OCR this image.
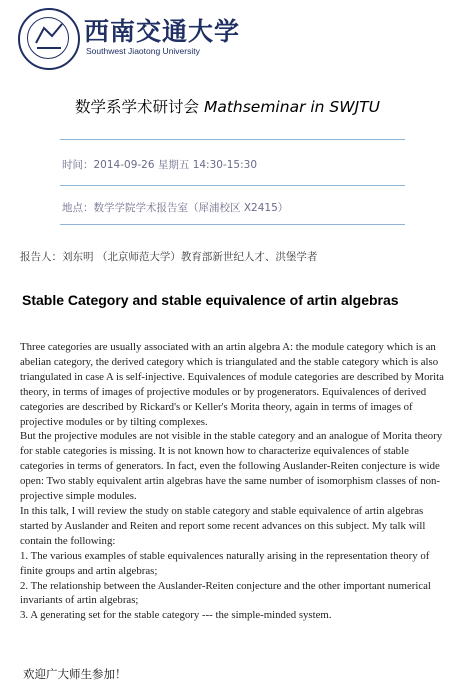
西南交通大学
Southwest Jiaotong University
数学系学术研讨会 Mathseminar in SWJTU
时间：2014-09-26 星期五 14:30-15:30
地点：数学学院学术报告室（犀浦校区 X2415）
报告人：刘东明 （北京师范大学）教育部新世纪人才、洪堡学者
Stable Category and stable equivalence of artin algebras

Three categories are usually associated with an artin algebra A: the module category which is an abelian category, the derived category which is triangulated and the stable category which is also triangulated in case A is self-injective. Equivalences of module categories are described by Morita theory, in terms of images of projective modules or by progenerators. Equivalences of derived categories are described by Rickard's or Keller's Morita theory, again in terms of images of projective modules or by tilting complexes.

But the projective modules are not visible in the stable category and an analogue of Morita theory for stable categories is missing. It is not known how to characterize equivalences of stable categories in terms of generators. In fact, even the following Auslander-Reiten conjecture is wide open: Two stably equivalent artin algebras have the same number of isomorphism classes of non-projective simple modules.

In this talk, I will review the study on stable category and stable equivalence of artin algebras started by Auslander and Reiten and report some recent advances on this subject. My talk will contain the following:

1. The various examples of stable equivalences naturally arising in the representation theory of finite groups and artin algebras;

2. The relationship between the Auslander-Reiten conjecture and the other important numerical invariants of artin algebras;

3. A generating set for the stable category --- the simple-minded system.

欢迎广大师生参加！
